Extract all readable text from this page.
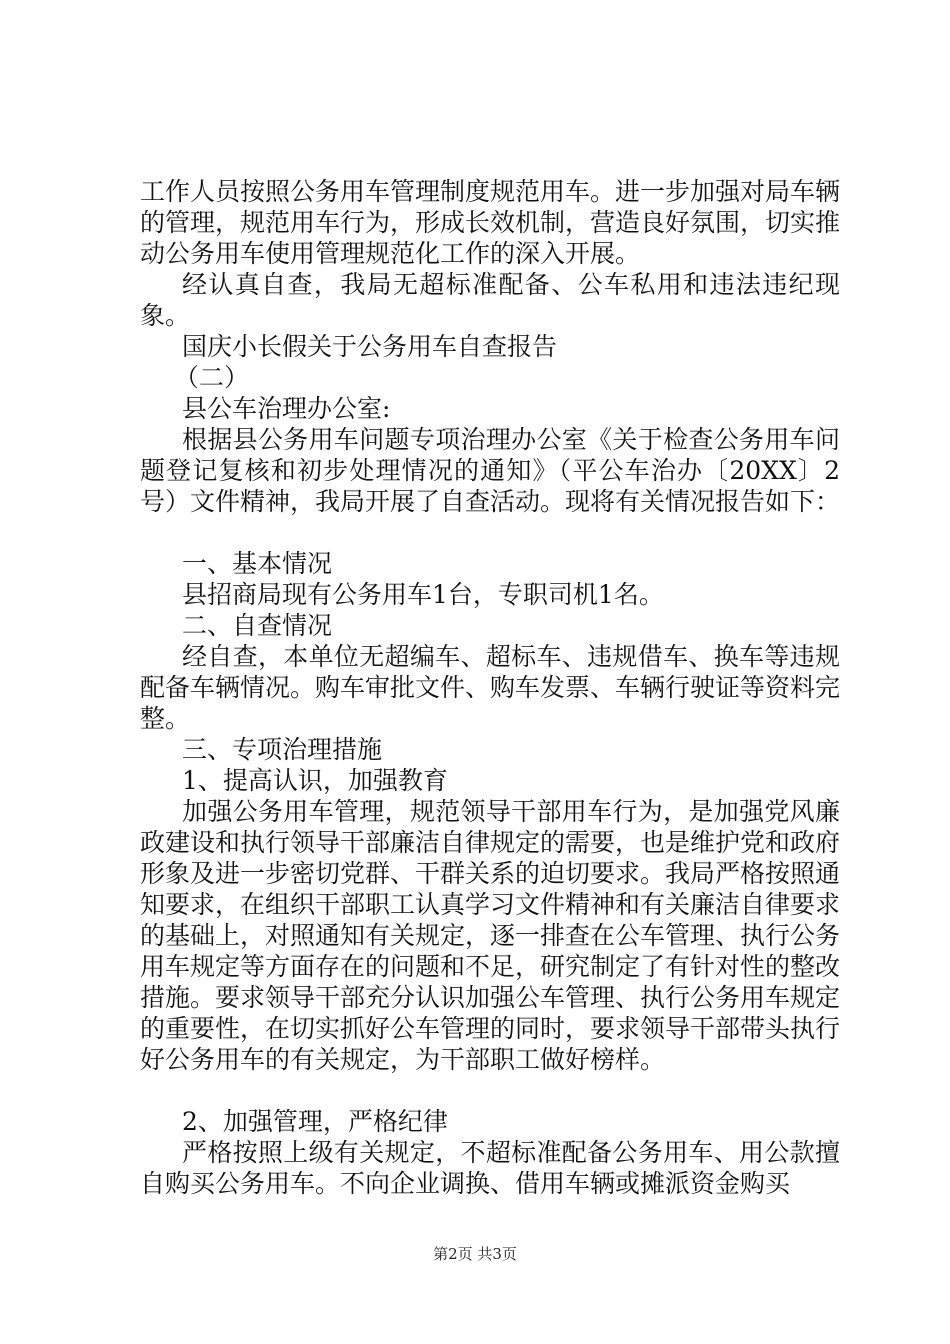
工作人员按照公务用车管理制度规范用车。进一步加强对局车辆的管理，规范用车行为，形成长效机制，营造良好氛围，切实推动公务用车使用管理规范化工作的深入开展。

经认真自查，我局无超标准配备、公车私用和违法违纪现象。

国庆小长假关于公务用车自查报告

（二）

县公车治理办公室:

根据县公务用车问题专项治理办公室《关于检查公务用车问题登记复核和初步处理情况的通知》（平公车治办〔20XX〕2号）文件精神，我局开展了自查活动。现将有关情况报告如下：

一、基本情况

县招商局现有公务用车1台，专职司机1名。

二、自查情况

经自查，本单位无超编车、超标车、违规借车、换车等违规配备车辆情况。购车审批文件、购车发票、车辆行驶证等资料完整。

三、专项治理措施

1、提高认识，加强教育

加强公务用车管理，规范领导干部用车行为，是加强党风廉政建设和执行领导干部廉洁自律规定的需要，也是维护党和政府形象及进一步密切党群、干群关系的迫切要求。我局严格按照通知要求，在组织干部职工认真学习文件精神和有关廉洁自律要求的基础上，对照通知有关规定，逐一排查在公车管理、执行公务用车规定等方面存在的问题和不足，研究制定了有针对性的整改措施。要求领导干部充分认识加强公车管理、执行公务用车规定的重要性，在切实抓好公车管理的同时，要求领导干部带头执行好公务用车的有关规定，为干部职工做好榜样。

2、加强管理，严格纪律

严格按照上级有关规定，不超标准配备公务用车、用公款擅自购买公务用车。不向企业调换、借用车辆或摊派资金购买

第2页 共3页
